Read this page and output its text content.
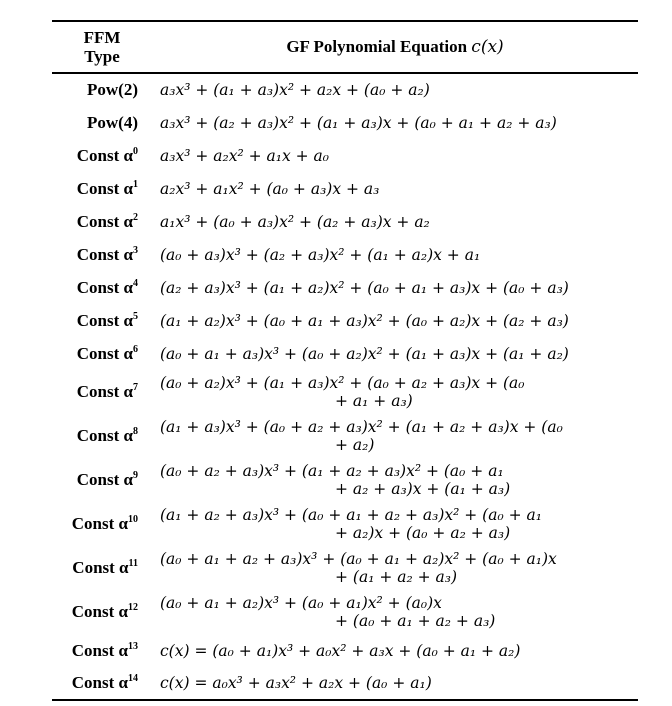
FFM
Type	GF Polynomial Equation c(x)
Pow(2)	a₃x³ + (a₁ + a₃)x² + a₂x + (a₀ + a₂)

Pow(4)	a₃x³ + (a₂ + a₃)x² + (a₁ + a₃)x + (a₀ + a₁ + a₂ + a₃)

Const $\alpha^0$	a₃x³ + a₂x² + a₁x + a₀

Const $\alpha^1$	a₂x³ + a₁x² + (a₀ + a₃)x + a₃

Const $\alpha^2$	a₁x³ + (a₀ + a₃)x² + (a₂ + a₃)x + a₂

Const $\alpha^3$	(a₀ + a₃)x³ + (a₂ + a₃)x² + (a₁ + a₂)x + a₁

Const $\alpha^4$	(a₂ + a₃)x³ + (a₁ + a₂)x² + (a₀ + a₁ + a₃)x + (a₀ + a₃)

Const $\alpha^5$	(a₁ + a₂)x³ + (a₀ + a₁ + a₃)x² + (a₀ + a₂)x + (a₂ + a₃)

Const $\alpha^6$	(a₀ + a₁ + a₃)x³ + (a₀ + a₂)x² + (a₁ + a₃)x + (a₁ + a₂)

Const $\alpha^7$	(a₀ + a₂)x³ + (a₁ + a₃)x² + (a₀ + a₂ + a₃)x + (a₀
+ a₁ + a₃)

Const $\alpha^8$	(a₁ + a₃)x³ + (a₀ + a₂ + a₃)x² + (a₁ + a₂ + a₃)x + (a₀
+ a₂)

Const $\alpha^9$	(a₀ + a₂ + a₃)x³ + (a₁ + a₂ + a₃)x² + (a₀ + a₁
+ a₂ + a₃)x + (a₁ + a₃)

Const $\alpha^{10}$	(a₁ + a₂ + a₃)x³ + (a₀ + a₁ + a₂ + a₃)x² + (a₀ + a₁
+ a₂)x + (a₀ + a₂ + a₃)

Const $\alpha^{11}$	(a₀ + a₁ + a₂ + a₃)x³ + (a₀ + a₁ + a₂)x² + (a₀ + a₁)x
+ (a₁ + a₂ + a₃)

Const $\alpha^{12}$	(a₀ + a₁ + a₂)x³ + (a₀ + a₁)x² + (a₀)x
+ (a₀ + a₁ + a₂ + a₃)

Const $\alpha^{13}$	c(x) = (a₀ + a₁)x³ + a₀x² + a₃x + (a₀ + a₁ + a₂)

Const $\alpha^{14}$	c(x) = a₀x³ + a₃x² + a₂x + (a₀ + a₁)
